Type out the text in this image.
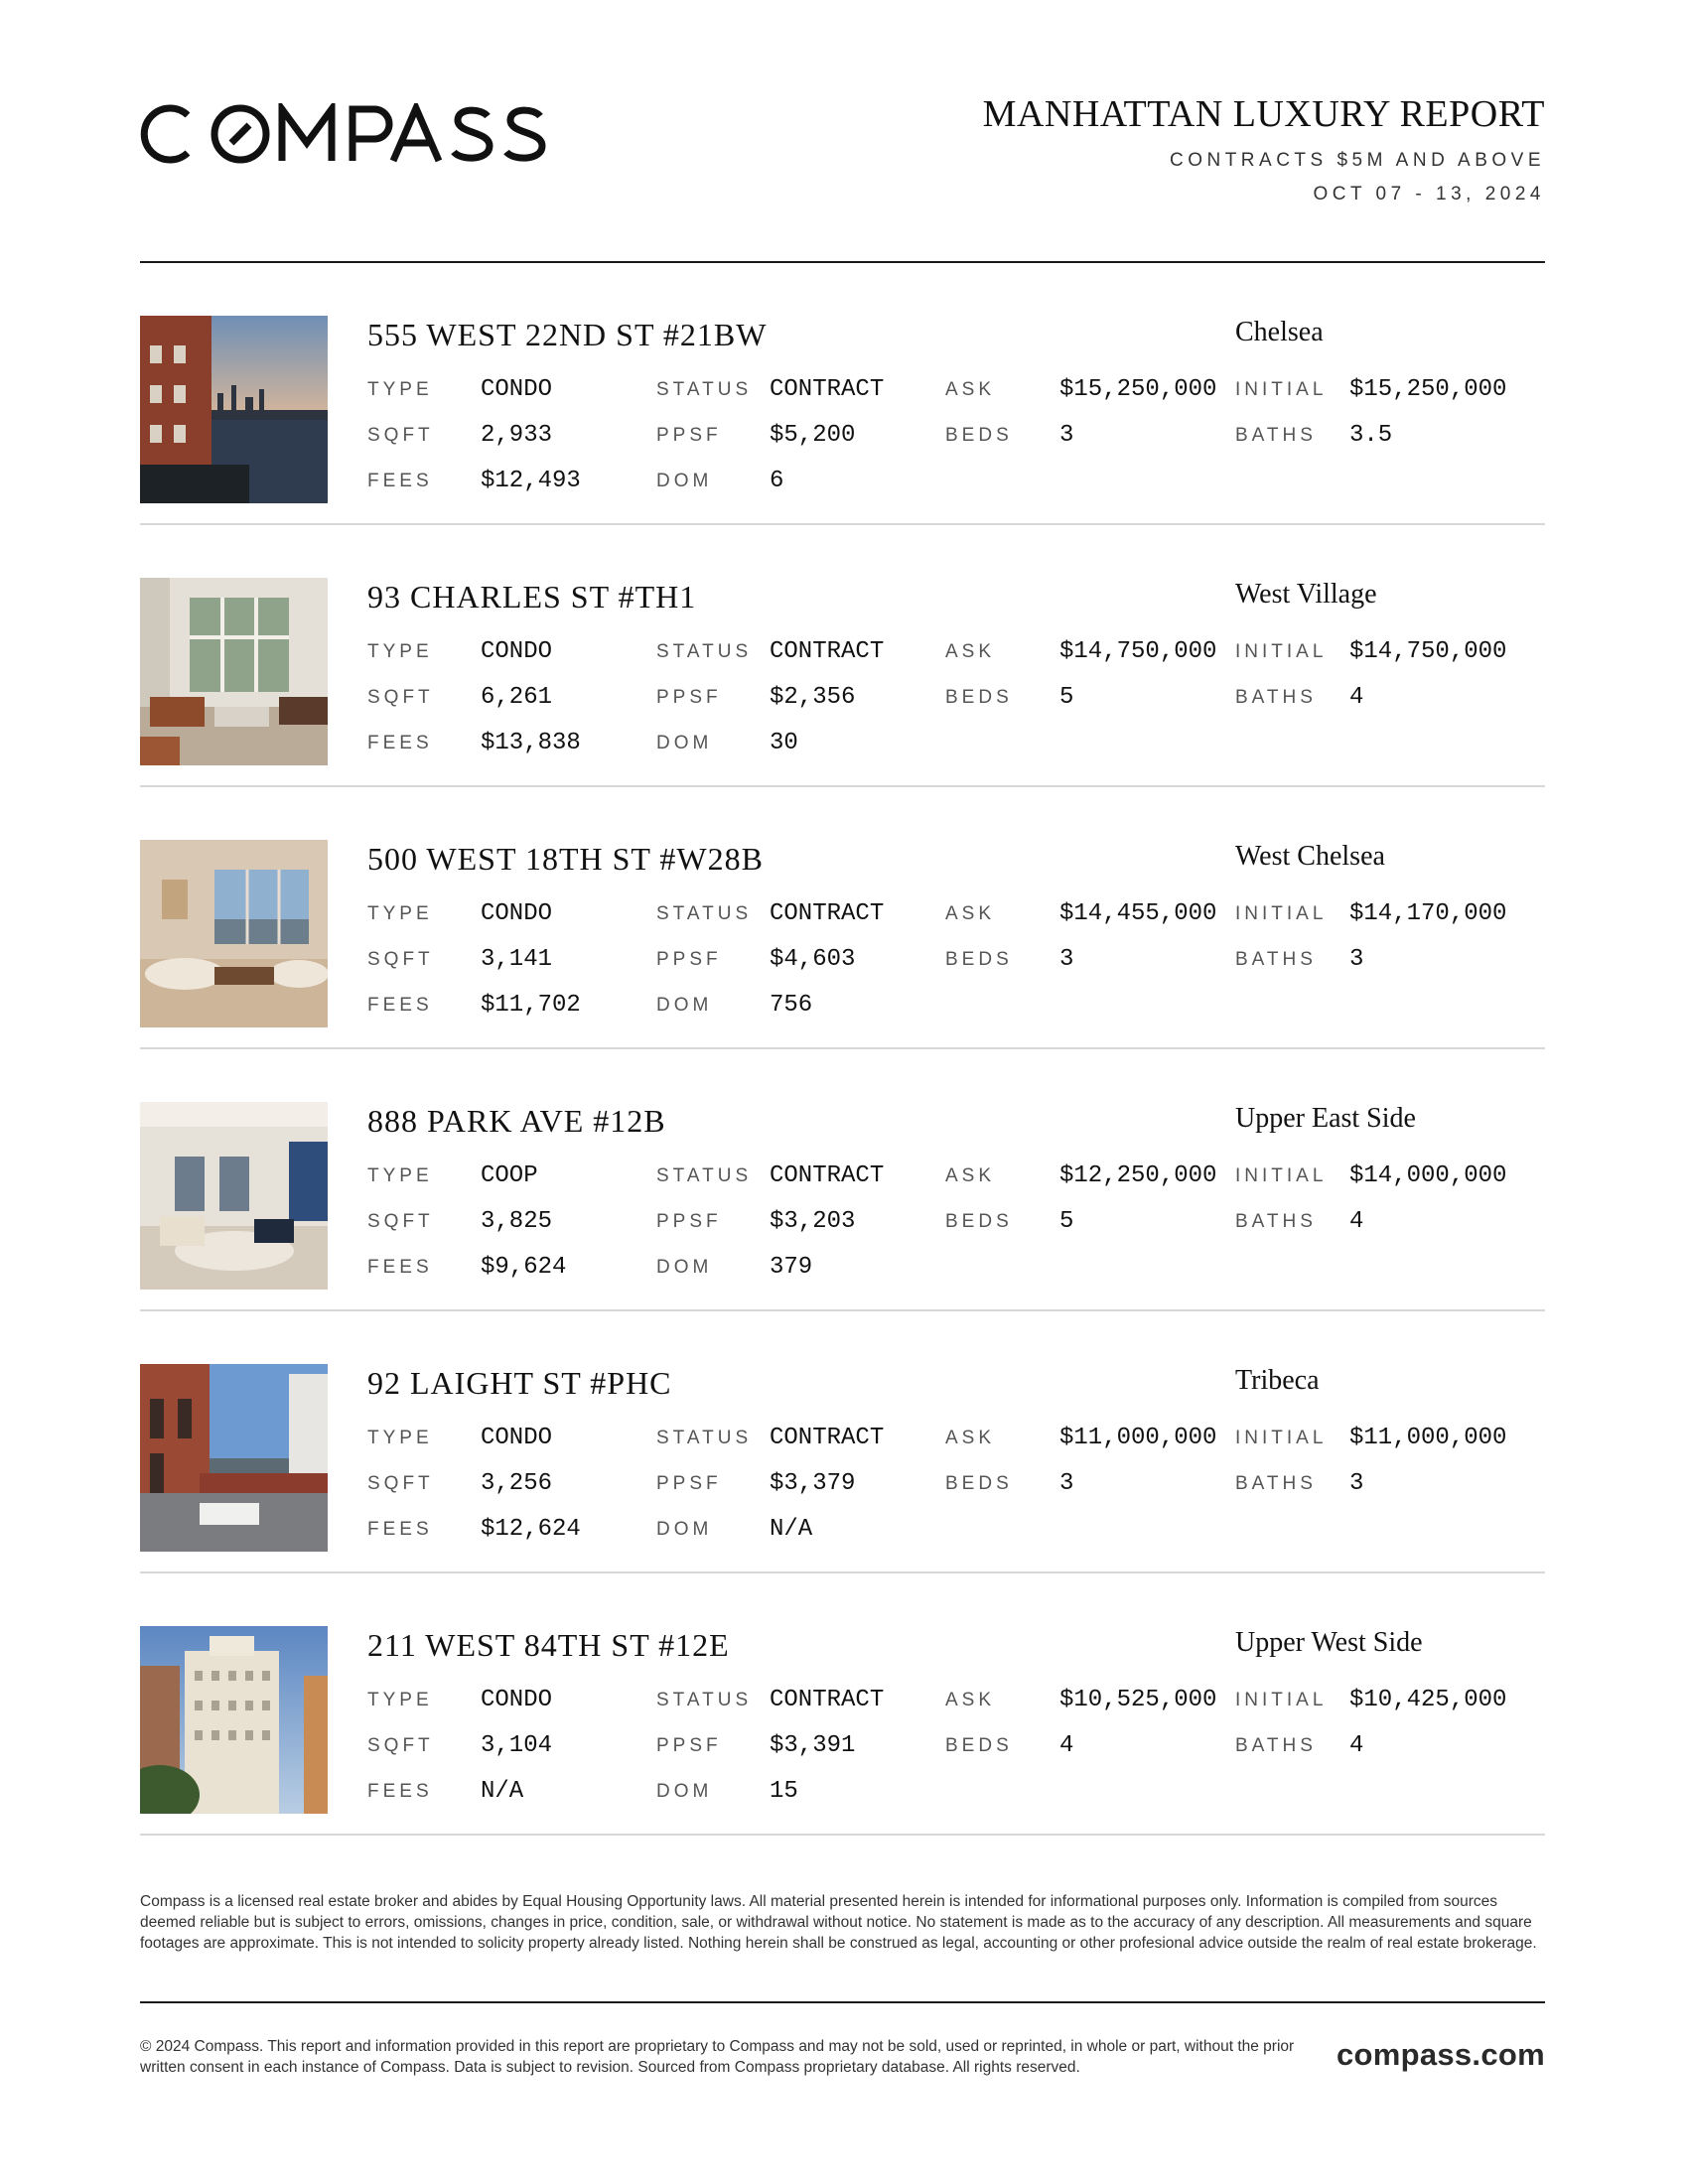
MANHATTAN LUXURY REPORT
CONTRACTS $5M AND ABOVE
OCT 07 - 13, 2024
555 WEST 22ND ST #21BW	Chelsea
TYPE CONDO	STATUS CONTRACT	ASK	$15,250,000 INITIAL $15,250,000
SQFT 2,933	PPSF $5,200	BEDS 3	BATHS 3.5
FEES $12,493	DOM 6
93 CHARLES ST #TH1	West Village
TYPE CONDO	STATUS CONTRACT	ASK	$14,750,000 INITIAL $14,750,000
SQFT 6,261	PPSF $2,356	BEDS 5	BATHS 4
FEES $13,838	DOM 30
500 WEST 18TH ST #W28B	West Chelsea
TYPE CONDO	STATUS CONTRACT	ASK	$14,455,000 INITIAL $14,170,000
SQFT 3,141	PPSF $4,603	BEDS 3	BATHS 3
FEES $11,702	DOM 756
888 PARK AVE #12B	Upper East Side
TYPE COOP	STATUS CONTRACT	ASK	$12,250,000 INITIAL $14,000,000
SQFT 3,825	PPSF $3,203	BEDS 5	BATHS 4
FEES $9,624	DOM 379
92 LAIGHT ST #PHC	Tribeca
TYPE CONDO	STATUS CONTRACT	ASK	$11,000,000 INITIAL $11,000,000
SQFT 3,256	PPSF $3,379	BEDS 3	BATHS 3
FEES $12,624	DOM N/A
211 WEST 84TH ST #12E	Upper West Side
TYPE CONDO	STATUS CONTRACT	ASK	$10,525,000 INITIAL $10,425,000
SQFT 3,104	PPSF $3,391	BEDS 4	BATHS 4
FEES N/A	DOM 15
Compass is a licensed real estate broker and abides by Equal Housing Opportunity laws. All material presented herein is intended for informational purposes only. Information is compiled from sources deemed reliable but is subject to errors, omissions, changes in price, condition, sale, or withdrawal without notice. No statement is made as to the accuracy of any description. All measurements and square footages are approximate. This is not intended to solicity property already listed. Nothing herein shall be construed as legal, accounting or other profesional advice outside the realm of real estate brokerage.
© 2024 Compass. This report and information provided in this report are proprietary to Compass and may not be sold, used or reprinted, in whole or part, without the prior written consent in each instance of Compass. Data is subject to revision. Sourced from Compass proprietary database. All rights reserved.	compass.com
